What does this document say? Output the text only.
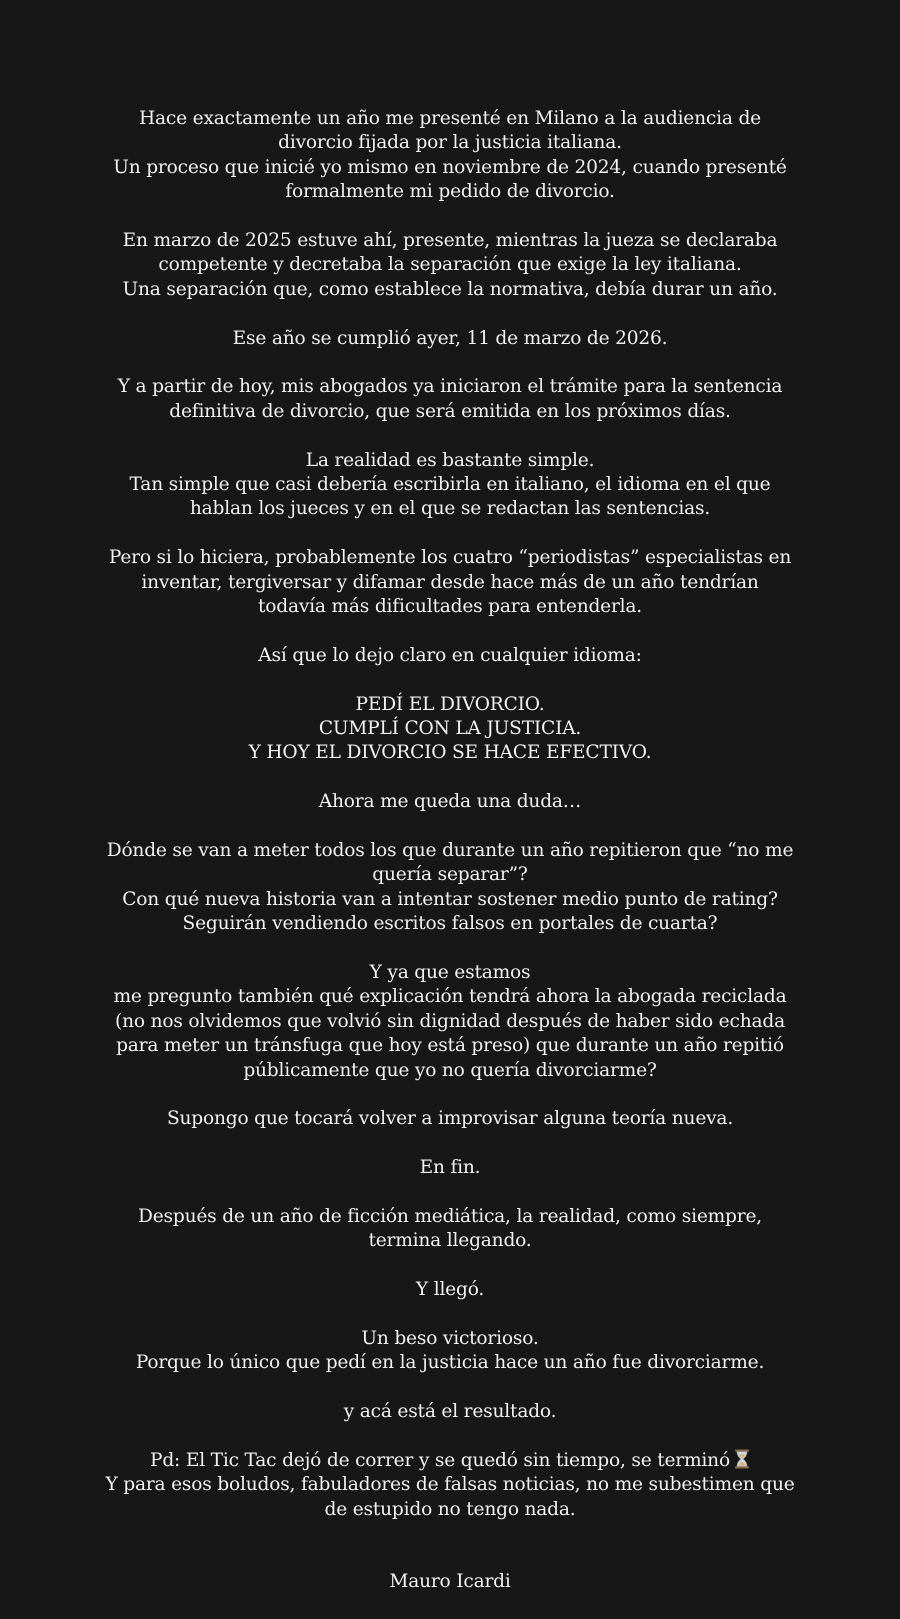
Hace exactamente un año me presenté en Milano a la audiencia de divorcio fijada por la justicia italiana.
Un proceso que inicié yo mismo en noviembre de 2024, cuando presenté formalmente mi pedido de divorcio.

En marzo de 2025 estuve ahí, presente, mientras la jueza se declaraba competente y decretaba la separación que exige la ley italiana.
Una separación que, como establece la normativa, debía durar un año.

Ese año se cumplió ayer, 11 de marzo de 2026.

Y a partir de hoy, mis abogados ya iniciaron el trámite para la sentencia definitiva de divorcio, que será emitida en los próximos días.

La realidad es bastante simple.
Tan simple que casi debería escribirla en italiano, el idioma en el que hablan los jueces y en el que se redactan las sentencias.

Pero si lo hiciera, probablemente los cuatro “periodistas” especialistas en inventar, tergiversar y difamar desde hace más de un año tendrían todavía más dificultades para entenderla.

Así que lo dejo claro en cualquier idioma:

PEDÍ EL DIVORCIO.
CUMPLÍ CON LA JUSTICIA.
Y HOY EL DIVORCIO SE HACE EFECTIVO.

Ahora me queda una duda…

Dónde se van a meter todos los que durante un año repitieron que “no me quería separar”?
Con qué nueva historia van a intentar sostener medio punto de rating?
Seguirán vendiendo escritos falsos en portales de cuarta?

Y ya que estamos
me pregunto también qué explicación tendrá ahora la abogada reciclada (no nos olvidemos que volvió sin dignidad después de haber sido echada para meter un tránsfuga que hoy está preso) que durante un año repitió públicamente que yo no quería divorciarme?

Supongo que tocará volver a improvisar alguna teoría nueva.

En fin.

Después de un año de ficción mediática, la realidad, como siempre, termina llegando.

Y llegó.

Un beso victorioso.
Porque lo único que pedí en la justicia hace un año fue divorciarme.

y acá está el resultado.

Pd: El Tic Tac dejó de correr y se quedó sin tiempo, se terminó
Y para esos boludos, fabuladores de falsas noticias, no me subestimen que de estupido no tengo nada.

Mauro Icardi
